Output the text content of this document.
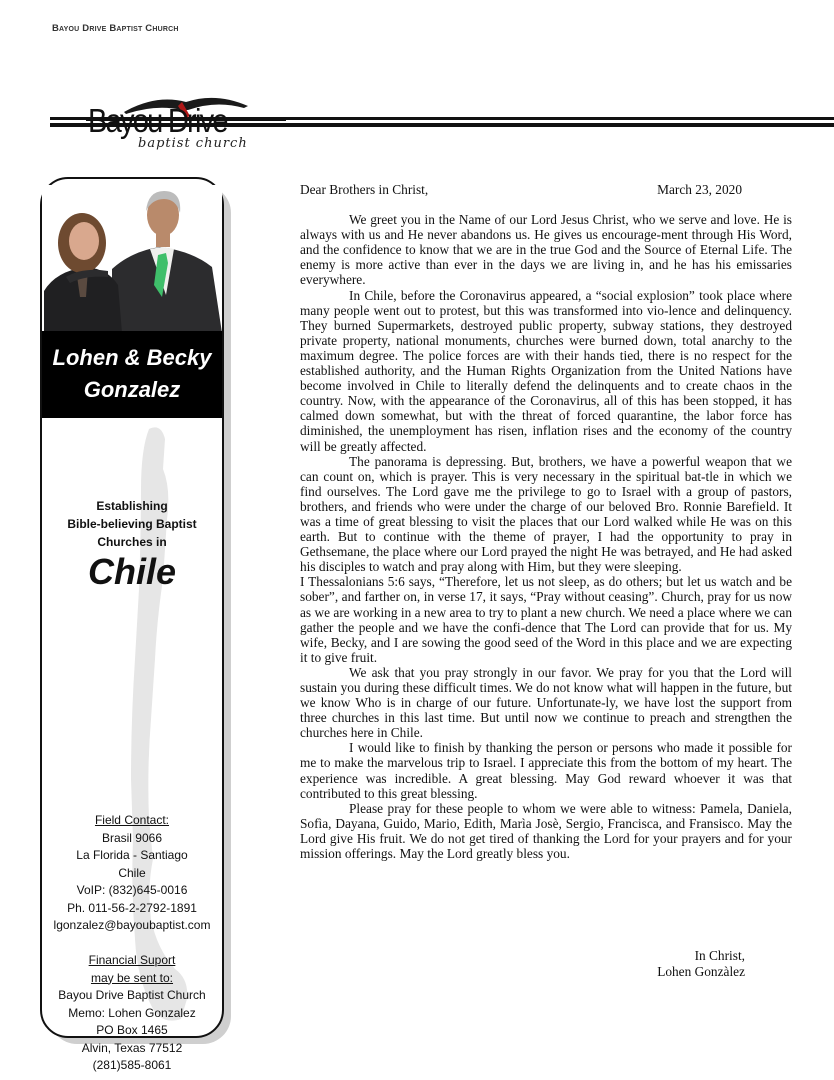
Bayou Drive Baptist Church
Bayou Drive
baptist church
Lohen & Becky
Gonzalez
Establishing
Bible-believing Baptist
Churches in
Chile
Field Contact:
Brasil 9066
La Florida - Santiago
Chile
VoIP: (832)645-0016
Ph. 011-56-2-2792-1891
lgonzalez@bayoubaptist.com
Financial Suport
may be sent to:
Bayou Drive Baptist Church
Memo: Lohen Gonzalez
PO Box 1465
Alvin, Texas 77512
(281)585-8061
Dear Brothers in Christ,	March 23, 2020

We greet you in the Name of our Lord Jesus Christ, who we serve and love. He is always with us and He never abandons us. He gives us encourage-ment through His Word, and the confidence to know that we are in the true God and the Source of Eternal Life. The enemy is more active than ever in the days we are living in, and he has his emissaries everywhere.

In Chile, before the Coronavirus appeared, a “social explosion” took place where many people went out to protest, but this was transformed into vio-lence and delinquency. They burned Supermarkets, destroyed public property, subway stations, they destroyed private property, national monuments, churches were burned down, total anarchy to the maximum degree. The police forces are with their hands tied, there is no respect for the established authority, and the Human Rights Organization from the United Nations have become involved in Chile to literally defend the delinquents and to create chaos in the country. Now, with the appearance of the Coronavirus, all of this has been stopped, it has calmed down somewhat, but with the threat of forced quarantine, the labor force has diminished, the unemployment has risen, inflation rises and the economy of the country will be greatly affected.

The panorama is depressing. But, brothers, we have a powerful weapon that we can count on, which is prayer. This is very necessary in the spiritual bat-tle in which we find ourselves. The Lord gave me the privilege to go to Israel with a group of pastors, brothers, and friends who were under the charge of our beloved Bro. Ronnie Barefield. It was a time of great blessing to visit the places that our Lord walked while He was on this earth. But to continue with the theme of prayer, I had the opportunity to pray in Gethsemane, the place where our Lord prayed the night He was betrayed, and He had asked his disciples to watch and pray along with Him, but they were sleeping.

I Thessalonians 5:6 says, “Therefore, let us not sleep, as do others; but let us watch and be sober”, and farther on, in verse 17, it says, “Pray without ceasing”. Church, pray for us now as we are working in a new area to try to plant a new church. We need a place where we can gather the people and we have the confi-dence that The Lord can provide that for us. My wife, Becky, and I are sowing the good seed of the Word in this place and we are expecting it to give fruit.

We ask that you pray strongly in our favor. We pray for you that the Lord will sustain you during these difficult times. We do not know what will happen in the future, but we know Who is in charge of our future. Unfortunate-ly, we have lost the support from three churches in this last time. But until now we continue to preach and strengthen the churches here in Chile.

I would like to finish by thanking the person or persons who made it possible for me to make the marvelous trip to Israel. I appreciate this from the bottom of my heart. The experience was incredible. A great blessing. May God reward whoever it was that contributed to this great blessing.

Please pray for these people to whom we were able to witness: Pamela, Daniela, Sofìa, Dayana, Guido, Mario, Edith, Marìa Josè, Sergio, Francisca, and Fransisco. May the Lord give His fruit. We do not get tired of thanking the Lord for your prayers and for your mission offerings. May the Lord greatly bless you.

In Christ,
Lohen Gonzàlez
